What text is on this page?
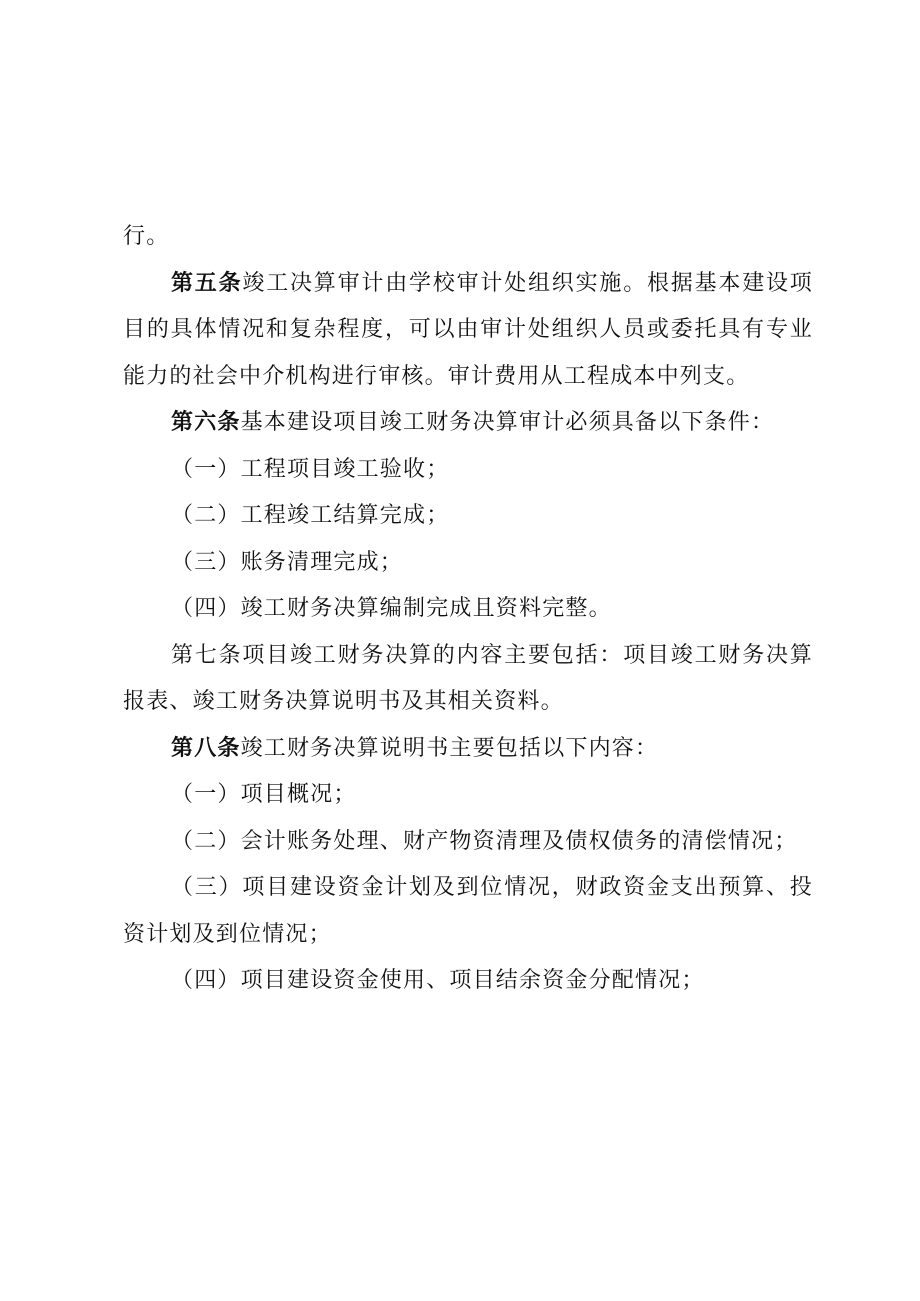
行。

第五条竣工决算审计由学校审计处组织实施。根据基本建设项目的具体情况和复杂程度，可以由审计处组织人员或委托具有专业能力的社会中介机构进行审核。审计费用从工程成本中列支。

第六条基本建设项目竣工财务决算审计必须具备以下条件：

（一）工程项目竣工验收；

（二）工程竣工结算完成；

（三）账务清理完成；

（四）竣工财务决算编制完成且资料完整。

第七条项目竣工财务决算的内容主要包括：项目竣工财务决算报表、竣工财务决算说明书及其相关资料。

第八条竣工财务决算说明书主要包括以下内容：

（一）项目概况；

（二）会计账务处理、财产物资清理及债权债务的清偿情况；

（三）项目建设资金计划及到位情况，财政资金支出预算、投资计划及到位情况；

（四）项目建设资金使用、项目结余资金分配情况；
